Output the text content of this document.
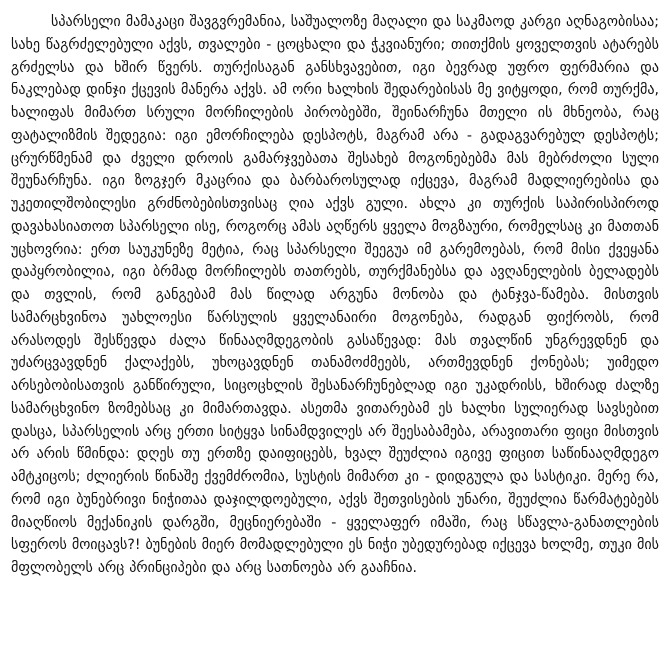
სპარსელი მამაკაცი შავგვრემანია, საშუალოზე მაღალი და საკმაოდ კარგი აღნაგობისაა; სახე წაგრძელებული აქვს, თვალები - ცოცხალი და ჭკვიანური; თითქმის ყოველთვის ატარებს გრძელსა და ხშირ წვერს. თურქისაგან განსხვავებით, იგი ბევრად უფრო ფერმარია და ნაკლებად დინჯი ქცევის მანერა აქვს. ამ ორი ხალხის შედარებისას მე ვიტყოდი, რომ თურქმა, ხალიფას მიმართ სრული მორჩილების პირობებში, შეინარჩუნა მთელი ის მხნეობა, რაც ფატალიზმის შედეგია: იგი ემორჩილება დესპოტს, მაგრამ არა - გადაგვარებულ დესპოტს; ცრურწმენამ და ძველი დროის გამარჯვებათა შესახებ მოგონებებმა მას მებრძოლი სული შეუნარჩუნა. იგი ზოგჯერ მკაცრია და ბარბაროსულად იქცევა, მაგრამ მადლიერებისა და უკეთილშობილესი გრძნობებისთვისაც ღია აქვს გული. ახლა კი თურქის საპირისპიროდ დავახასიათოთ სპარსელი ისე, როგორც ამას აღწერს ყველა მოგზაური, რომელსაც კი მათთან უცხოვრია: ერთ საუკუნეზე მეტია, რაც სპარსელი შეეგუა იმ გარემოებას, რომ მისი ქვეყანა დაპყრობილია, იგი ბრმად მორჩილებს თათრებს, თურქმანებსა და ავღანელების ბელადებს და თვლის, რომ განგებამ მას წილად არგუნა მონობა და ტანჯვა-წამება. მისთვის სამარცხვინოა უახლოესი წარსულის ყველანაირი მოგონება, რადგან ფიქრობს, რომ არასოდეს შესწევდა ძალა წინააღმდეგობის გასაწევად: მას თვალწინ უნგრევდნენ და უძარცვავდნენ ქალაქებს, უხოცავდნენ თანამოძმეებს, ართმევდნენ ქონებას; უიმედო არსებობისათვის განწირული, სიცოცხლის შესანარჩუნებლად იგი უკადრისს, ხშირად ძალზე სამარცხვინო ზომებსაც კი მიმართავდა. ასეთმა ვითარებამ ეს ხალხი სულიერად სავსებით დასცა, სპარსელის არც ერთი სიტყვა სინამდვილეს არ შეესაბამება, არავითარი ფიცი მისთვის არ არის წმინდა: დღეს თუ ერთზე დაიფიცებს, ხვალ შეუძლია იგივე ფიცით საწინააღმდეგო ამტკიცოს; ძლიერის წინაშე ქვემძრომია, სუსტის მიმართ კი - დიდგულა და სასტიკი. მერე რა, რომ იგი ბუნებრივი ნიჭითაა დაჯილდოებული, აქვს შეთვისების უნარი, შეუძლია წარმატებებს მიაღწიოს მექანიკის დარგში, მეცნიერებაში - ყველაფერ იმაში, რაც სწავლა-განათლების სფეროს მოიცავს?! ბუნების მიერ მომადლებული ეს ნიჭი უბედურებად იქცევა ხოლმე, თუკი მის მფლობელს არც პრინციპები და არც სათნოება არ გააჩნია.
